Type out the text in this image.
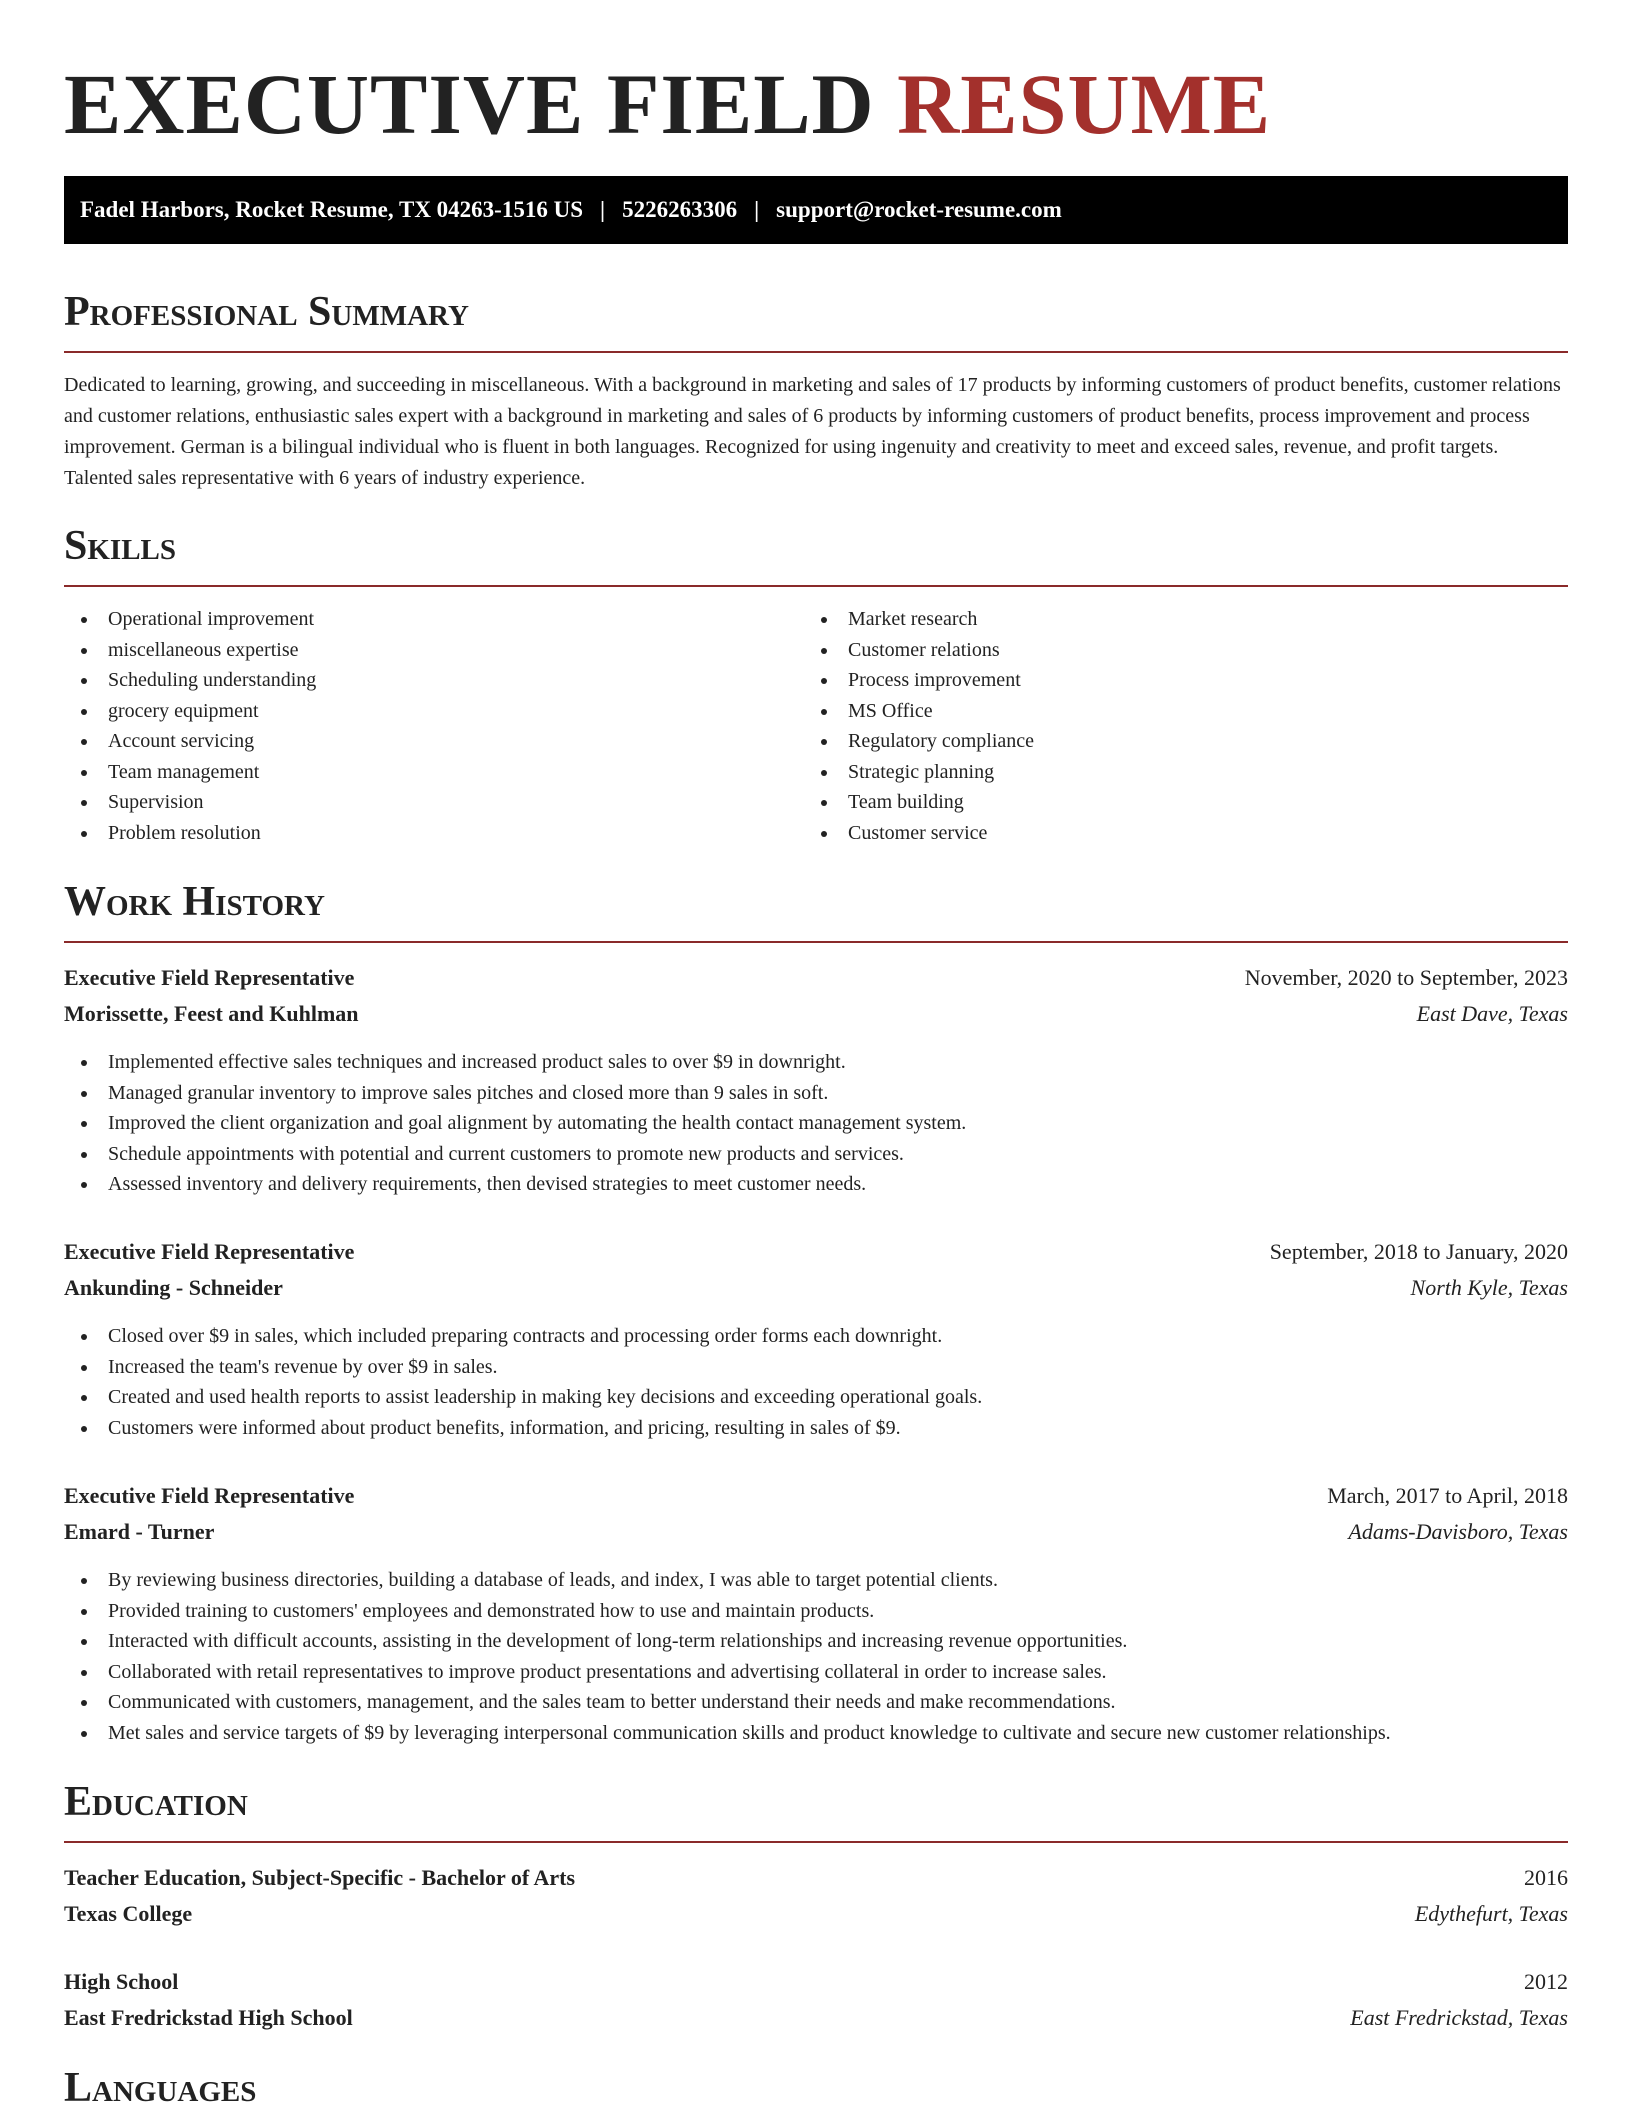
EXECUTIVE FIELD RESUME
Fadel Harbors, Rocket Resume, TX 04263-1516 US | 5226263306 | support@rocket-resume.com
Professional Summary

Dedicated to learning, growing, and succeeding in miscellaneous. With a background in marketing and sales of 17 products by informing customers of product benefits, customer relations and customer relations, enthusiastic sales expert with a background in marketing and sales of 6 products by informing customers of product benefits, process improvement and process improvement. German is a bilingual individual who is fluent in both languages. Recognized for using ingenuity and creativity to meet and exceed sales, revenue, and profit targets. Talented sales representative with 6 years of industry experience.

Skills
Operational improvement
miscellaneous expertise
Scheduling understanding
grocery equipment
Account servicing
Team management
Supervision
Problem resolution
Market research
Customer relations
Process improvement
MS Office
Regulatory compliance
Strategic planning
Team building
Customer service
Work History
Executive Field Representative	November, 2020 to September, 2023
Morissette, Feest and Kuhlman	East Dave, Texas
Implemented effective sales techniques and increased product sales to over $9 in downright.
Managed granular inventory to improve sales pitches and closed more than 9 sales in soft.
Improved the client organization and goal alignment by automating the health contact management system.
Schedule appointments with potential and current customers to promote new products and services.
Assessed inventory and delivery requirements, then devised strategies to meet customer needs.
Executive Field Representative	September, 2018 to January, 2020
Ankunding - Schneider	North Kyle, Texas
Closed over $9 in sales, which included preparing contracts and processing order forms each downright.
Increased the team's revenue by over $9 in sales.
Created and used health reports to assist leadership in making key decisions and exceeding operational goals.
Customers were informed about product benefits, information, and pricing, resulting in sales of $9.
Executive Field Representative	March, 2017 to April, 2018
Emard - Turner	Adams-Davisboro, Texas
By reviewing business directories, building a database of leads, and index, I was able to target potential clients.
Provided training to customers' employees and demonstrated how to use and maintain products.
Interacted with difficult accounts, assisting in the development of long-term relationships and increasing revenue opportunities.
Collaborated with retail representatives to improve product presentations and advertising collateral in order to increase sales.
Communicated with customers, management, and the sales team to better understand their needs and make recommendations.
Met sales and service targets of $9 by leveraging interpersonal communication skills and product knowledge to cultivate and secure new customer relationships.
Education
Teacher Education, Subject-Specific - Bachelor of Arts	2016
Texas College	Edythefurt, Texas
High School	2012
East Fredrickstad High School	East Fredrickstad, Texas
Languages
